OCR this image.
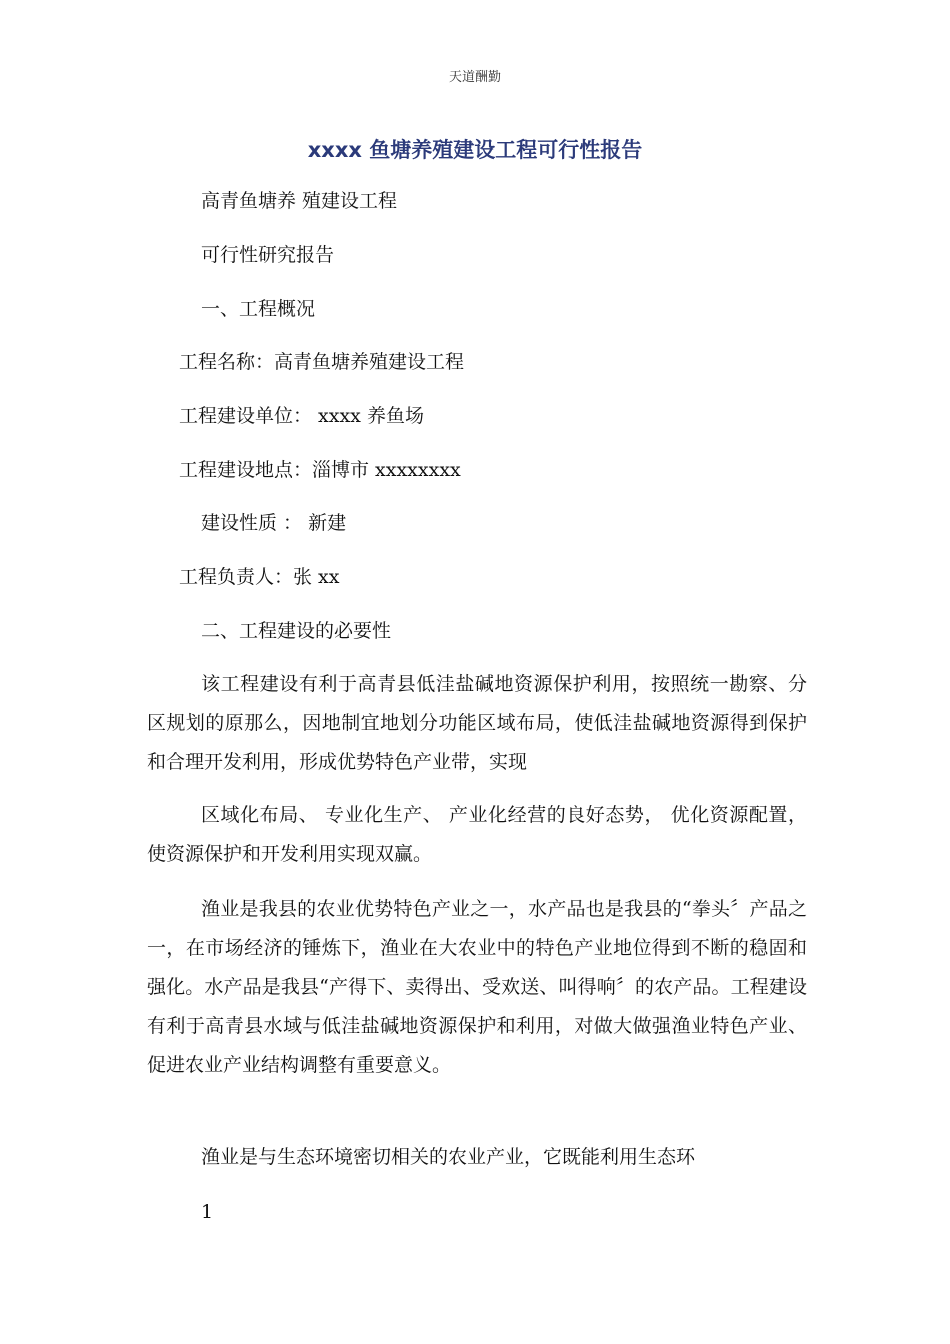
天道酬勤
xxxx 鱼塘养殖建设工程可行性报告
高青鱼塘养 殖建设工程
可行性研究报告
一、工程概况
工程名称：高青鱼塘养殖建设工程
工程建设单位： xxxx 养鱼场
工程建设地点：淄博市 xxxxxxxx
建设性质 ： 新建
工程负责人：张 xx
二、工程建设的必要性
该工程建设有利于高青县低洼盐碱地资源保护利用，按照统一勘察、分区规划的原那么，因地制宜地划分功能区域布局，使低洼盐碱地资源得到保护和合理开发利用，形成优势特色产业带，实现
区域化布局、 专业化生产、 产业化经营的良好态势， 优化资源配置，使资源保护和开发利用实现双赢。
渔业是我县的农业优势特色产业之一，水产品也是我县的“拳头〞产品之一，在市场经济的锤炼下，渔业在大农业中的特色产业地位得到不断的稳固和强化。水产品是我县“产得下、卖得出、受欢送、叫得响〞的农产品。工程建设有利于高青县水域与低洼盐碱地资源保护和利用，对做大做强渔业特色产业、促进农业产业结构调整有重要意义。
渔业是与生态环境密切相关的农业产业，它既能利用生态环
1
